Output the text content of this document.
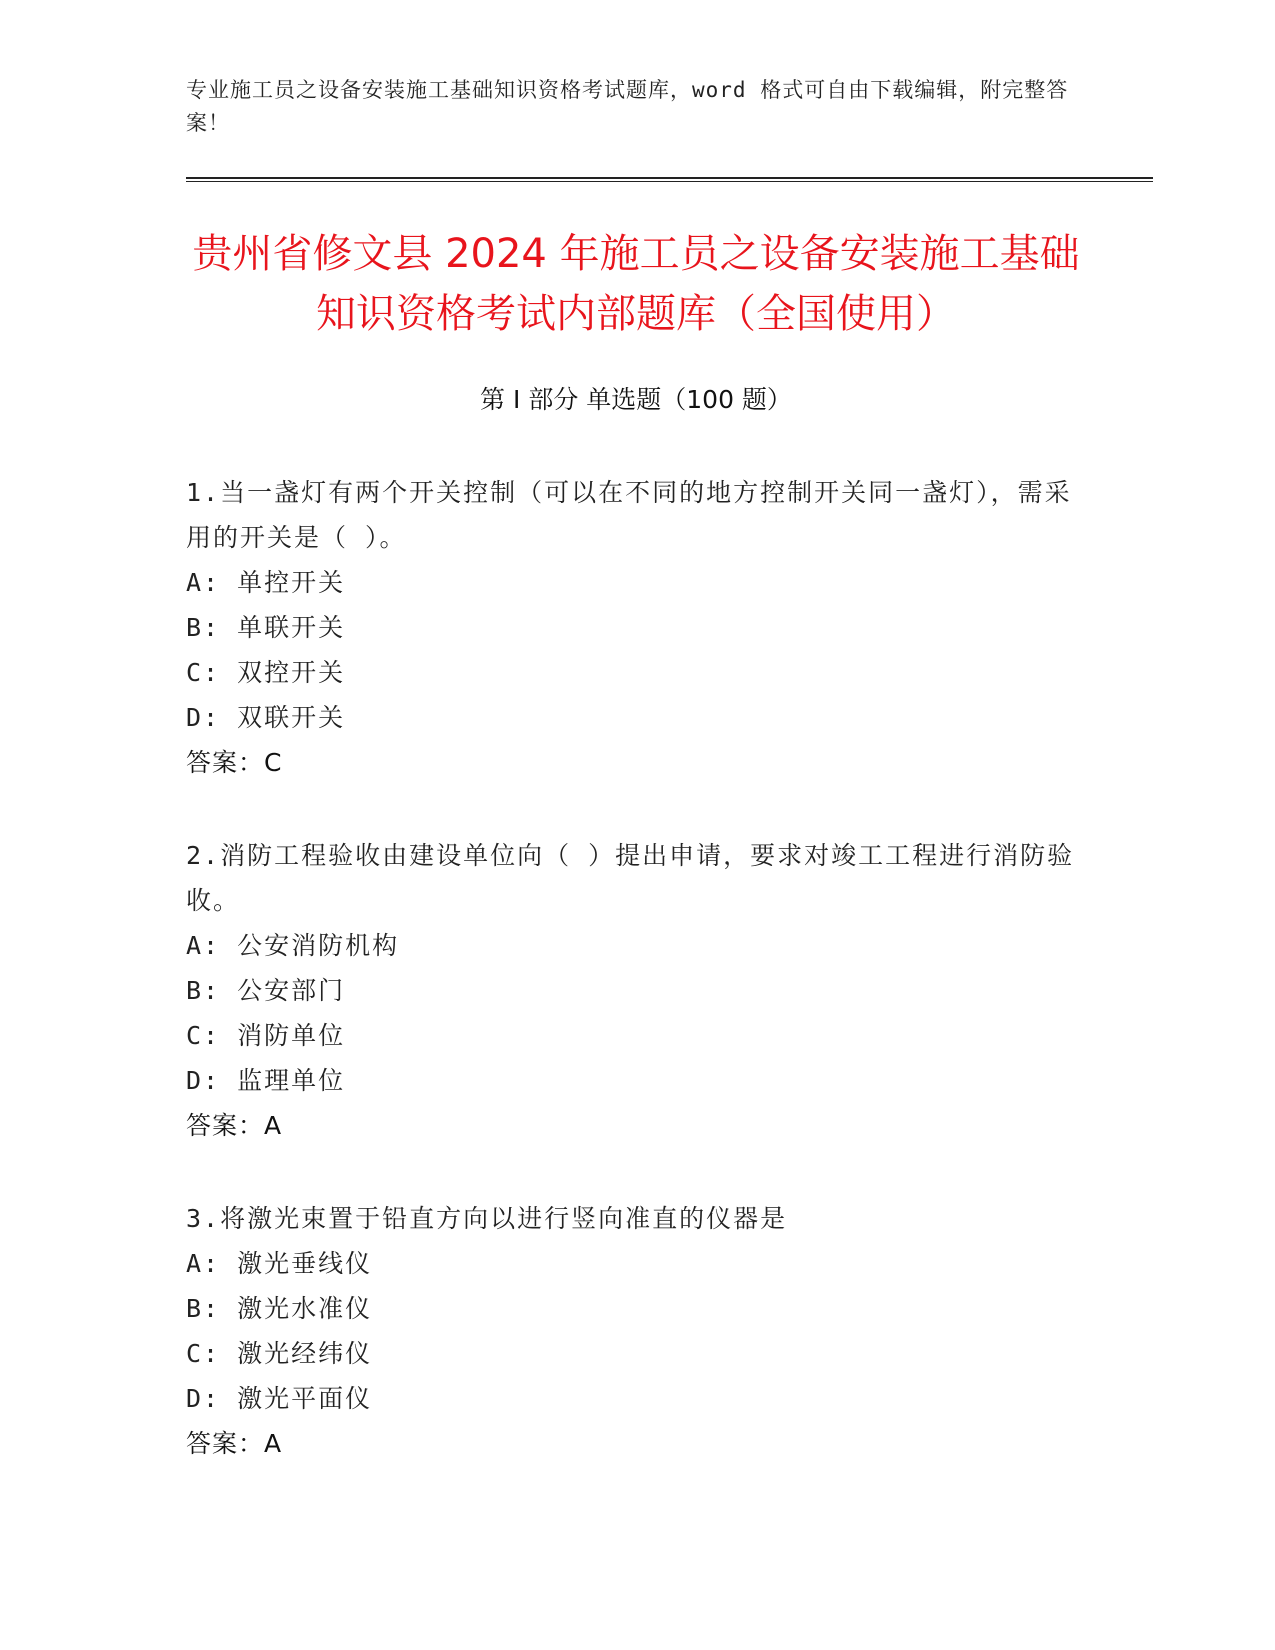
专业施工员之设备安装施工基础知识资格考试题库，word 格式可自由下载编辑，附完整答案！
贵州省修文县 2024 年施工员之设备安装施工基础知识资格考试内部题库（全国使用）
第 I 部分 单选题（100 题）
1.当一盏灯有两个开关控制（可以在不同的地方控制开关同一盏灯），需采用的开关是（ ）。
A: 单控开关
B: 单联开关
C: 双控开关
D: 双联开关
答案：C
2.消防工程验收由建设单位向（ ）提出申请，要求对竣工工程进行消防验收。
A: 公安消防机构
B: 公安部门
C: 消防单位
D: 监理单位
答案：A
3.将激光束置于铅直方向以进行竖向准直的仪器是
A: 激光垂线仪
B: 激光水准仪
C: 激光经纬仪
D: 激光平面仪
答案：A
